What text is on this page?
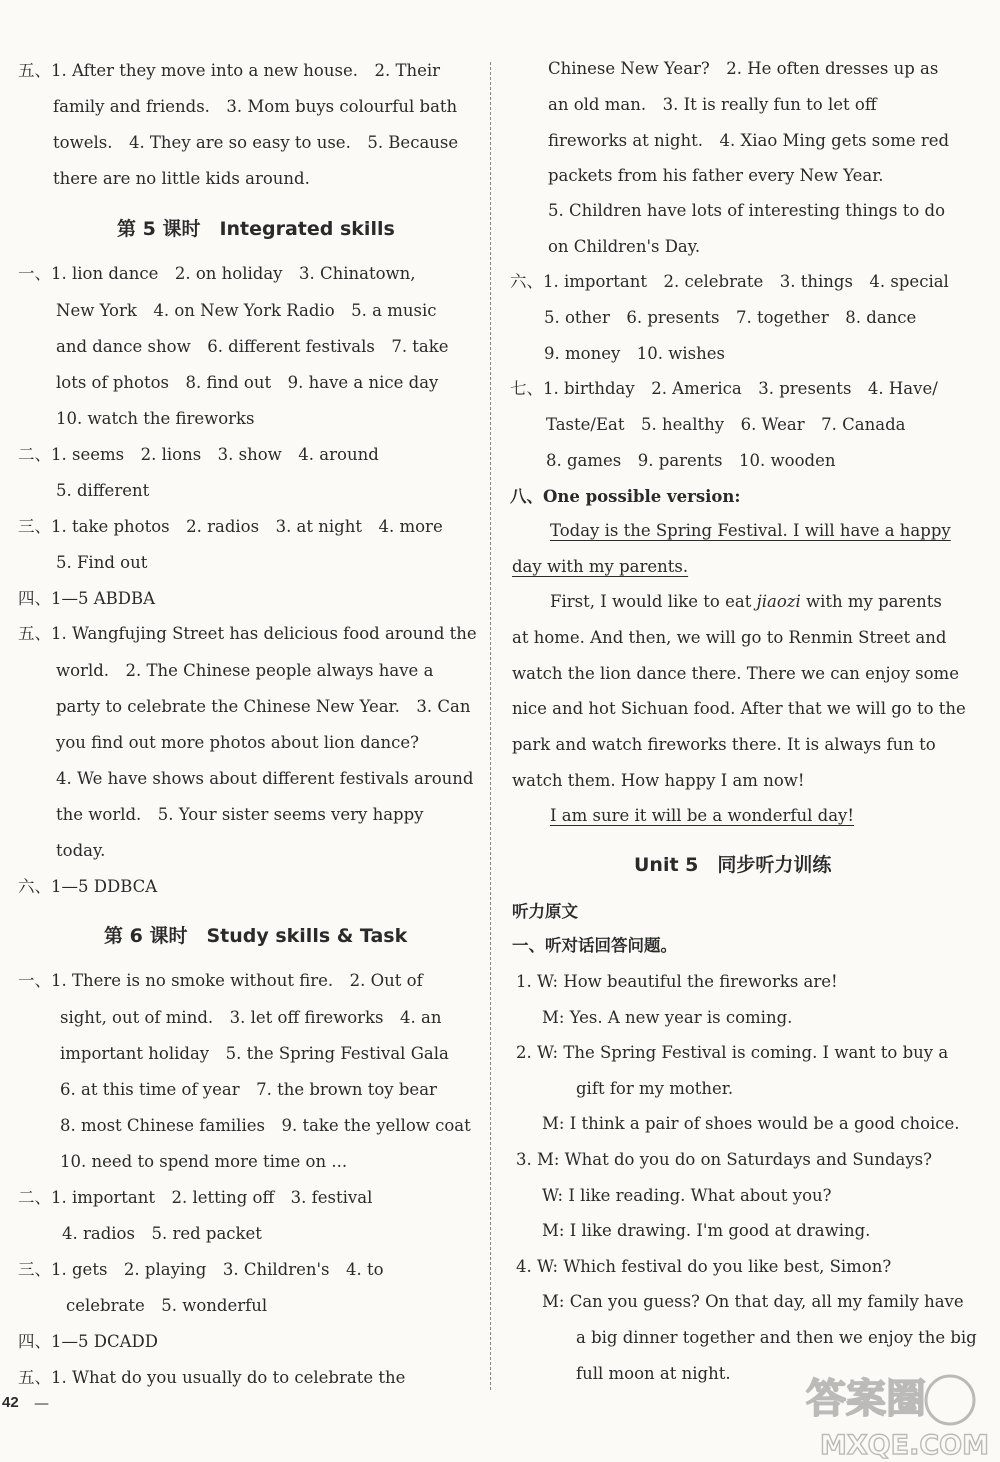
五、1. After they move into a new house.　2. Their
family and friends.　3. Mom buys colourful bath
towels.　4. They are so easy to use.　5. Because
there are no little kids around.
第 5 课时　Integrated skills
一、1. lion dance　2. on holiday　3. Chinatown,
New York　4. on New York Radio　5. a music
and dance show　6. different festivals　7. take
lots of photos　8. find out　9. have a nice day
10. watch the fireworks
二、1. seems　2. lions　3. show　4. around
5. different
三、1. take photos　2. radios　3. at night　4. more
5. Find out
四、1—5 ABDBA
五、1. Wangfujing Street has delicious food around the
world.　2. The Chinese people always have a
party to celebrate the Chinese New Year.　3. Can
you find out more photos about lion dance?
4. We have shows about different festivals around
the world.　5. Your sister seems very happy
today.
六、1—5 DDBCA
第 6 课时　Study skills & Task
一、1. There is no smoke without fire.　2. Out of
sight, out of mind.　3. let off fireworks　4. an
important holiday　5. the Spring Festival Gala
6. at this time of year　7. the brown toy bear
8. most Chinese families　9. take the yellow coat
10. need to spend more time on ...
二、1. important　2. letting off　3. festival
4. radios　5. red packet
三、1. gets　2. playing　3. Children's　4. to
celebrate　5. wonderful
四、1—5 DCADD
五、1. What do you usually do to celebrate the
Chinese New Year?　2. He often dresses up as
an old man.　3. It is really fun to let off
fireworks at night.　4. Xiao Ming gets some red
packets from his father every New Year.
5. Children have lots of interesting things to do
on Children's Day.
六、1. important　2. celebrate　3. things　4. special
5. other　6. presents　7. together　8. dance
9. money　10. wishes
七、1. birthday　2. America　3. presents　4. Have/
Taste/Eat　5. healthy　6. Wear　7. Canada
8. games　9. parents　10. wooden
八、One possible version:
Today is the Spring Festival. I will have a happy
day with my parents.
First, I would like to eat jiaozi with my parents
at home. And then, we will go to Renmin Street and
watch the lion dance there. There we can enjoy some
nice and hot Sichuan food. After that we will go to the
park and watch fireworks there. It is always fun to
watch them. How happy I am now!
I am sure it will be a wonderful day!
Unit 5　同步听力训练
听力原文
一、听对话回答问题。
1. W: How beautiful the fireworks are!
M: Yes. A new year is coming.
2. W: The Spring Festival is coming. I want to buy a
gift for my mother.
M: I think a pair of shoes would be a good choice.
3. M: What do you do on Saturdays and Sundays?
W: I like reading. What about you?
M: I like drawing. I'm good at drawing.
4. W: Which festival do you like best, Simon?
M: Can you guess? On that day, all my family have
a big dinner together and then we enjoy the big
full moon at night.
42 —	答案圈
MXQE.COM
